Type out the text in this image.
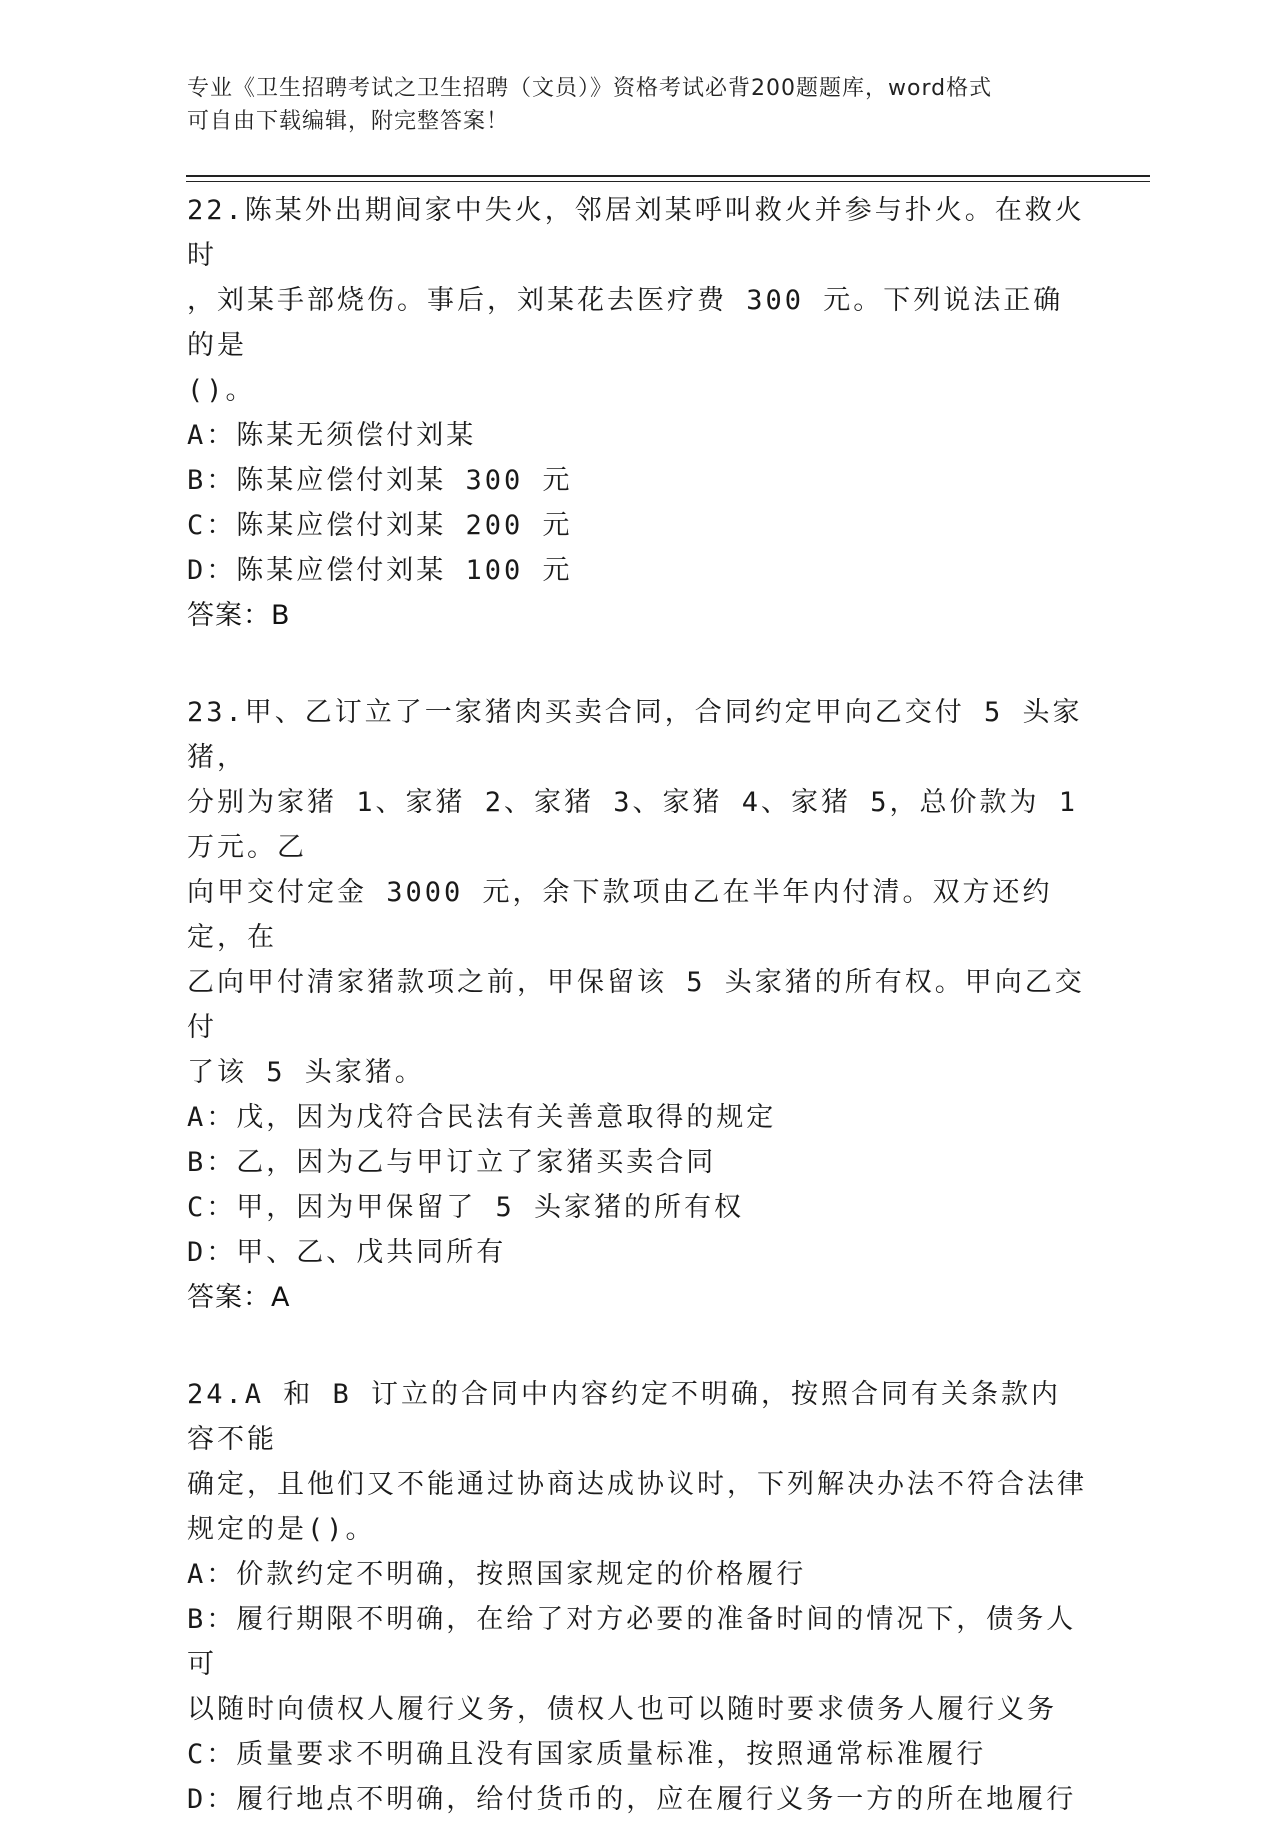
专业《卫生招聘考试之卫生招聘（文员）》资格考试必背200题题库，word格式
可自由下载编辑，附完整答案！

22.陈某外出期间家中失火，邻居刘某呼叫救火并参与扑火。在救火时

，刘某手部烧伤。事后，刘某花去医疗费 300 元。下列说法正确的是

()。

A：陈某无须偿付刘某

B：陈某应偿付刘某 300 元

C：陈某应偿付刘某 200 元

D：陈某应偿付刘某 100 元

答案：B

23.甲、乙订立了一家猪肉买卖合同，合同约定甲向乙交付 5 头家猪，

分别为家猪 1、家猪 2、家猪 3、家猪 4、家猪 5，总价款为 1 万元。乙

向甲交付定金 3000 元，余下款项由乙在半年内付清。双方还约定，在

乙向甲付清家猪款项之前，甲保留该 5 头家猪的所有权。甲向乙交付

了该 5 头家猪。

A：戊，因为戊符合民法有关善意取得的规定

B：乙，因为乙与甲订立了家猪买卖合同

C：甲，因为甲保留了 5 头家猪的所有权

D：甲、乙、戊共同所有

答案：A

24.A 和 B 订立的合同中内容约定不明确，按照合同有关条款内容不能

确定，且他们又不能通过协商达成协议时，下列解决办法不符合法律

规定的是()。

A：价款约定不明确，按照国家规定的价格履行

B：履行期限不明确，在给了对方必要的准备时间的情况下，债务人可

以随时向债权人履行义务，债权人也可以随时要求债务人履行义务

C：质量要求不明确且没有国家质量标准，按照通常标准履行

D：履行地点不明确，给付货币的，应在履行义务一方的所在地履行
